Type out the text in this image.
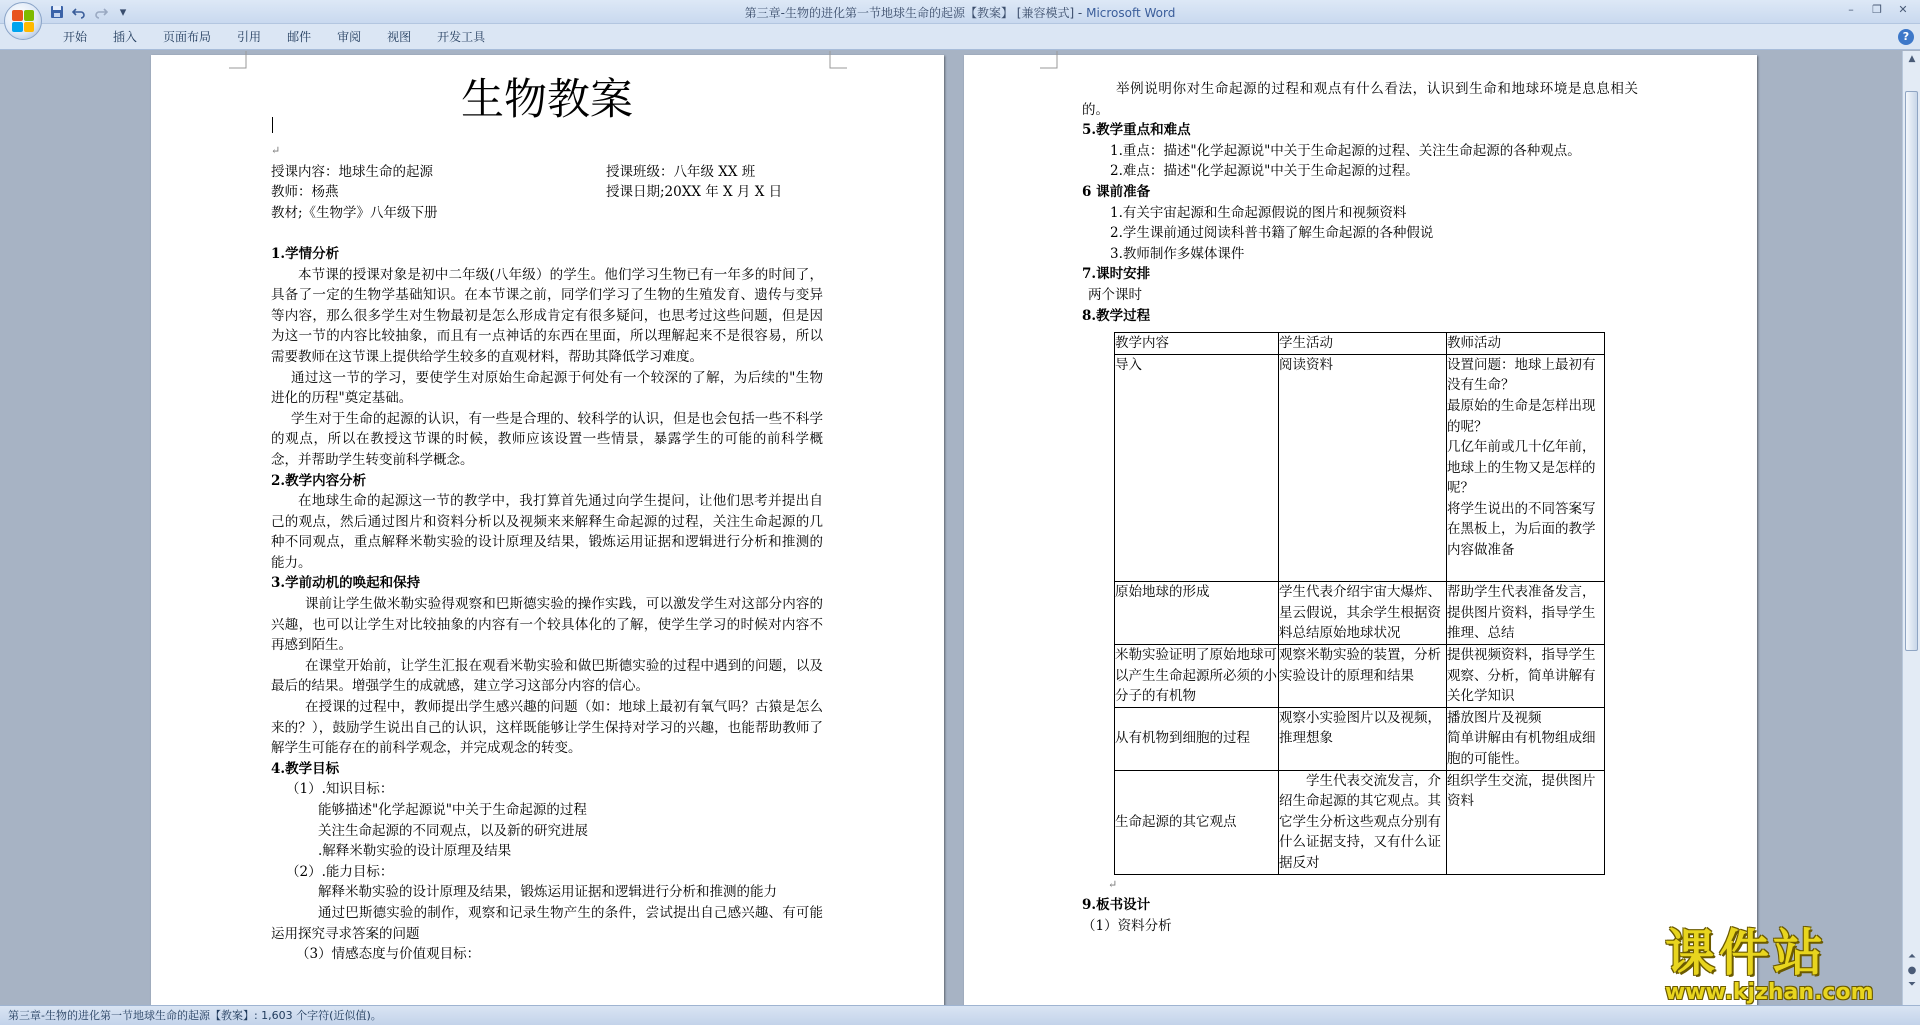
▾	第三章-生物的进化第一节地球生命的起源【教案】 [兼容模式] - Microsoft Word	–	❐	✕
开始	插入	页面布局	引用	邮件	审阅	视图	开发工具	?
生物教案
↵
授课内容：地球生命的起源	授课班级：八年级 XX 班
教师：杨燕	授课日期;20XX 年 X 月 X 日
教材;《生物学》八年级下册

1.学情分析
本节课的授课对象是初中二年级(八年级）的学生。他们学习生物已有一年多的时间了，具备了一定的生物学基础知识。在本节课之前，同学们学习了生物的生殖发育、遗传与变异等内容，那么很多学生对生物最初是怎么形成肯定有很多疑问，也思考过这些问题，但是因为这一节的内容比较抽象，而且有一点神话的东西在里面，所以理解起来不是很容易，所以需要教师在这节课上提供给学生较多的直观材料，帮助其降低学习难度。
通过这一节的学习，要使学生对原始生命起源于何处有一个较深的了解，为后续的"生物进化的历程"奠定基础。
学生对于生命的起源的认识，有一些是合理的、较科学的认识，但是也会包括一些不科学的观点，所以在教授这节课的时候，教师应该设置一些情景，暴露学生的可能的前科学概念，并帮助学生转变前科学概念。
2.教学内容分析
在地球生命的起源这一节的教学中，我打算首先通过向学生提问，让他们思考并提出自己的观点，然后通过图片和资料分析以及视频来来解释生命起源的过程，关注生命起源的几种不同观点，重点解释米勒实验的设计原理及结果，锻炼运用证据和逻辑进行分析和推测的能力。
3.学前动机的唤起和保持
课前让学生做米勒实验得观察和巴斯德实验的操作实践，可以激发学生对这部分内容的兴趣，也可以让学生对比较抽象的内容有一个较具体化的了解，使学生学习的时候对内容不再感到陌生。
在课堂开始前，让学生汇报在观看米勒实验和做巴斯德实验的过程中遇到的问题，以及最后的结果。增强学生的成就感，建立学习这部分内容的信心。
在授课的过程中，教师提出学生感兴趣的问题（如：地球上最初有氧气吗？古猿是怎么来的？），鼓励学生说出自己的认识，这样既能够让学生保持对学习的兴趣，也能帮助教师了解学生可能存在的前科学观念，并完成观念的转变。
4.教学目标
（1）.知识目标：
能够描述"化学起源说"中关于生命起源的过程
关注生命起源的不同观点，以及新的研究进展
.解释米勒实验的设计原理及结果
（2）.能力目标：
解释米勒实验的设计原理及结果，锻炼运用证据和逻辑进行分析和推测的能力
通过巴斯德实验的制作，观察和记录生物产生的条件，尝试提出自己感兴趣、有可能运用探究寻求答案的问题
（3）情感态度与价值观目标：
举例说明你对生命起源的过程和观点有什么看法，认识到生命和地球环境是息息相关的。
5.教学重点和难点
1.重点：描述"化学起源说"中关于生命起源的过程、关注生命起源的各种观点。
2.难点：描述"化学起源说"中关于生命起源的过程。
6 课前准备
1.有关宇宙起源和生命起源假说的图片和视频资料
2.学生课前通过阅读科普书籍了解生命起源的各种假说
3.教师制作多媒体课件
7.课时安排
两个课时
8.教学过程
教学内容	学生活动	教师活动
导入	阅读资料	设置问题：地球上最初有没有生命？
最原始的生命是怎样出现的呢？
几亿年前或几十亿年前，地球上的生物又是怎样的呢？
将学生说出的不同答案写在黑板上，为后面的教学内容做准备

原始地球的形成	学生代表介绍宇宙大爆炸、星云假说，其余学生根据资料总结原始地球状况	帮助学生代表准备发言，提供图片资料，指导学生推理、总结
米勒实验证明了原始地球可以产生生命起源所必须的小分子的有机物	观察米勒实验的装置，分析实验设计的原理和结果	提供视频资料，指导学生观察、分析，简单讲解有关化学知识

从有机物到细胞的过程	观察小实验图片以及视频，推理想象	播放图片及视频
简单讲解由有机物组成细胞的可能性。

生命起源的其它观点	学生代表交流发言，介绍生命起源的其它观点。其它学生分析这些观点分别有什么证据支持，又有什么证据反对	组织学生交流，提供图片资料
↵
9.板书设计
（1）资料分析
▲
⏶
●
⏷
第三章-生物的进化第一节地球生命的起源【教案】: 1,603 个字符(近似值)。
课件站
www.kjzhan.com
